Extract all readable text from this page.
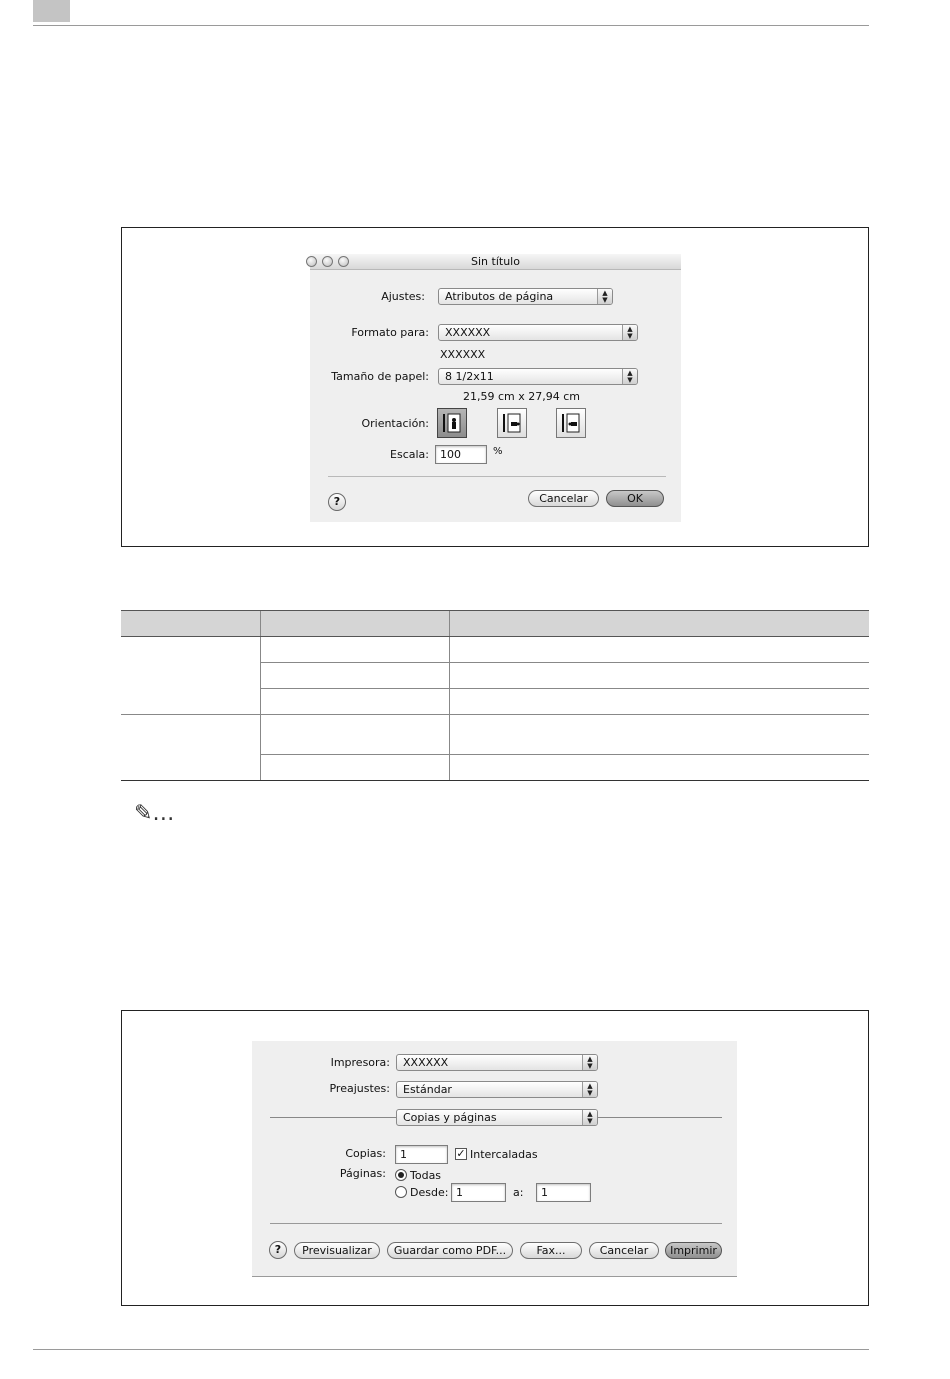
Sin título
Ajustes:	Atributos de página	▲
▼
Formato para:	XXXXXX	▲
▼
XXXXXX
Tamaño de papel:	8 1/2x11	▲
▼
21,59 cm x 27,94 cm
Orientación:
Escala:	100	%
?	Cancelar	OK

✎…
Impresora:	XXXXXX	▲
▼
Preajustes:	Estándar	▲
▼
Copias y páginas	▲
▼
Copias:	1	✓ Intercaladas
Páginas: Todas
Desde: 1	a:	1
?	Previsualizar	Guardar como PDF...	Fax...	Cancelar	Imprimir
